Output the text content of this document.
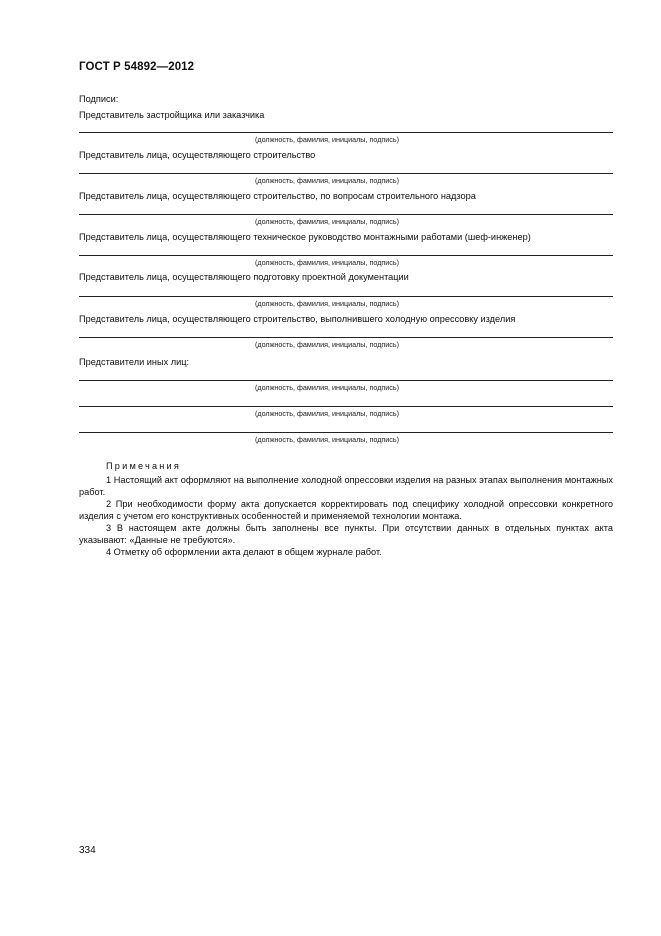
ГОСТ Р 54892—2012
Подписи:
Представитель застройщика или заказчика
(должность, фамилия, инициалы, подпись)
Представитель лица, осуществляющего строительство
(должность, фамилия, инициалы, подпись)
Представитель лица, осуществляющего строительство, по вопросам строительного надзора
(должность, фамилия, инициалы, подпись)
Представитель лица, осуществляющего техническое руководство монтажными работами (шеф-инженер)
(должность, фамилия, инициалы, подпись)
Представитель лица, осуществляющего подготовку проектной документации
(должность, фамилия, инициалы, подпись)
Представитель лица, осуществляющего строительство, выполнившего холодную опрессовку изделия
(должность, фамилия, инициалы, подпись)
Представители иных лиц:
(должность, фамилия, инициалы, подпись)
(должность, фамилия, инициалы, подпись)
(должность, фамилия, инициалы, подпись)
Примечания
1 Настоящий акт оформляют на выполнение холодной опрессовки изделия на разных этапах выполнения монтажных работ.
2 При необходимости форму акта допускается корректировать под специфику холодной опрессовки конкретного изделия с учетом его конструктивных особенностей и применяемой технологии монтажа.
3 В настоящем акте должны быть заполнены все пункты. При отсутствии данных в отдельных пунктах акта указывают: «Данные не требуются».
4 Отметку об оформлении акта делают в общем журнале работ.
334
